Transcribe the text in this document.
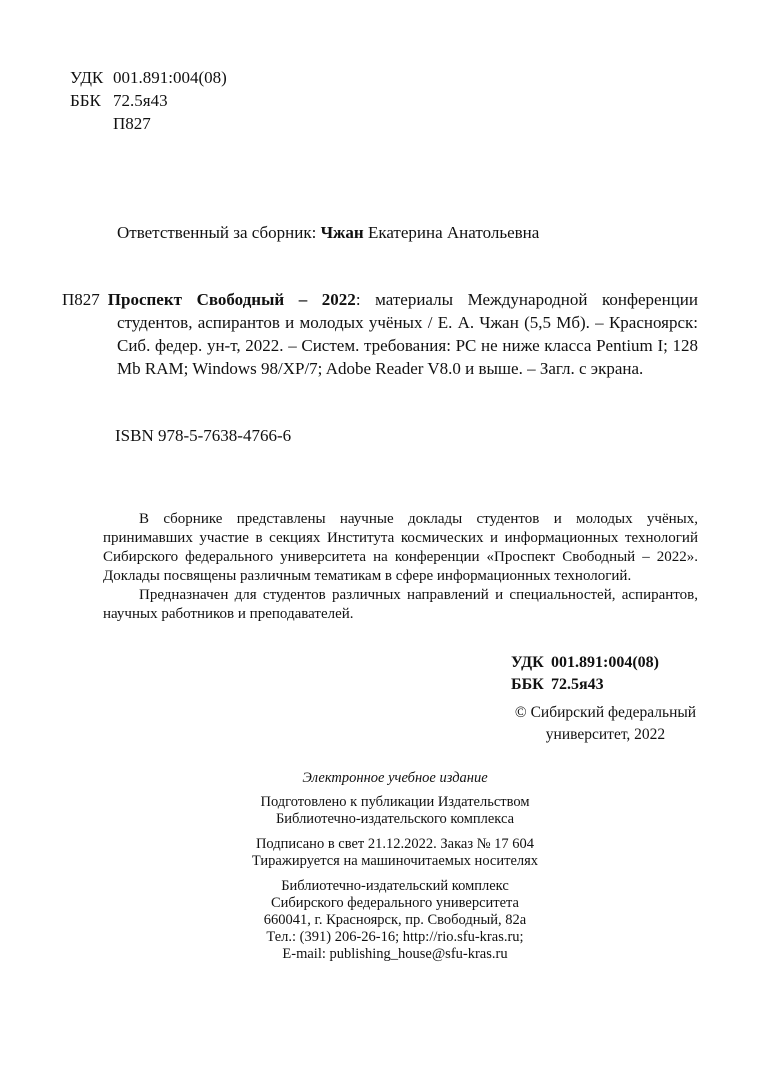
УДК 001.891:004(08)
ББК 72.5я43
П827
Ответственный за сборник: Чжан Екатерина Анатольевна
П827 Проспект Свободный – 2022: материалы Международной конференции студентов, аспирантов и молодых учёных / Е. А. Чжан (5,5 Мб). – Красноярск: Сиб. федер. ун-т, 2022. – Систем. требования: PC не ниже класса Pentium I; 128 Mb RAM; Windows 98/XP/7; Adobe Reader V8.0 и выше. – Загл. с экрана.
ISBN 978-5-7638-4766-6

В сборнике представлены научные доклады студентов и молодых учёных, принимавших участие в секциях Института космических и информационных технологий Сибирского федерального университета на конференции «Проспект Свободный – 2022». Доклады посвящены различным тематикам в сфере информационных технологий.

Предназначен для студентов различных направлений и специальностей, аспирантов, научных работников и преподавателей.

УДК 001.891:004(08)
ББК 72.5я43
© Сибирский федеральный
университет, 2022
Электронное учебное издание
Подготовлено к публикации Издательством
Библиотечно-издательского комплекса
Подписано в свет 21.12.2022. Заказ № 17 604
Тиражируется на машиночитаемых носителях
Библиотечно-издательский комплекс
Сибирского федерального университета
660041, г. Красноярск, пр. Свободный, 82а
Тел.: (391) 206-26-16; http://rio.sfu-kras.ru;
E-mail: publishing_house@sfu-kras.ru
